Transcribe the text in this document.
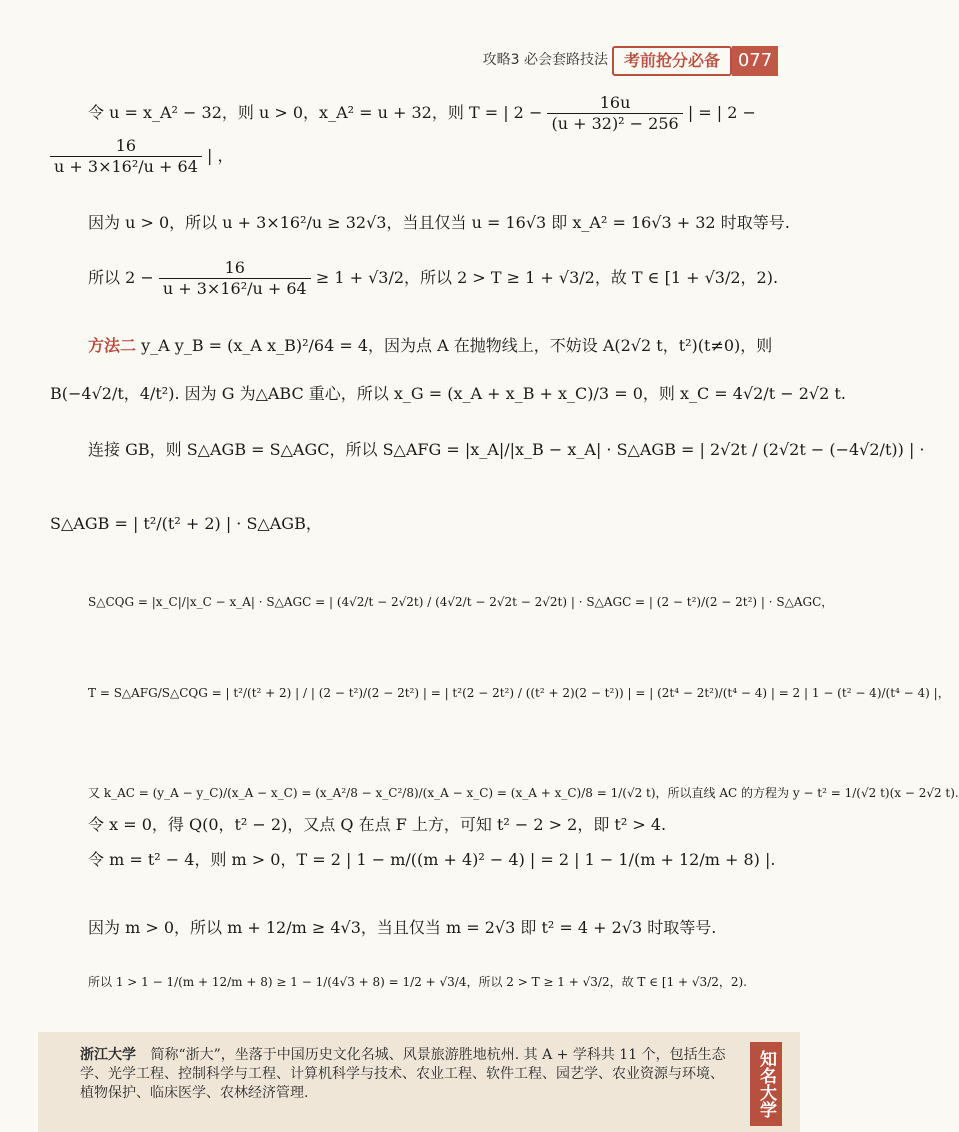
攻略3 必会套路技法 考前抢分必备 077
令 u = x_A² − 32，则 u > 0，x_A² = u + 32，则 T = | $2 - \frac{16u}{\text{(u + 32)² − 256}}$ | = | 2 −
$\frac{16}{\text{u + 3×16²/u + 64}}$ | ，
因为 u > 0，所以 u + 3×16²/u ≥ 32√3，当且仅当 u = 16√3 即 x_A² = 16√3 + 32 时取等号.
所以 $2 - \frac{16}{\text{u + 3×16²/u + 64}} \ge 1 + √3/2$，所以 2 > T ≥ 1 + √3/2，故 T ∈ [1 + √3/2，2).
方法二 y_A y_B = (x_A x_B)²/64 = 4，因为点 A 在抛物线上，不妨设 A(2√2 t，t²)(t≠0)，则
B(−4√2/t，4/t²). 因为 G 为△ABC 重心，所以 x_G = (x_A + x_B + x_C)/3 = 0，则 x_C = 4√2/t − 2√2 t.
连接 GB，则 S△AGB = S△AGC，所以 S△AFG = |x_A|/|x_B − x_A| · S△AGB = | 2√2t / (2√2t − (−4√2/t)) | ·
S△AGB = | t²/(t² + 2) | · S△AGB，
S△CQG = |x_C|/|x_C − x_A| · S△AGC = | (4√2/t − 2√2t) / (4√2/t − 2√2t − 2√2t) | · S△AGC = | (2 − t²)/(2 − 2t²) | · S△AGC，
T = S△AFG/S△CQG = | t²/(t² + 2) | / | (2 − t²)/(2 − 2t²) | = | t²(2 − 2t²) / ((t² + 2)(2 − t²)) | = | (2t⁴ − 2t²)/(t⁴ − 4) | = 2 | 1 − (t² − 4)/(t⁴ − 4) |，
又 k_AC = (y_A − y_C)/(x_A − x_C) = (x_A²/8 − x_C²/8)/(x_A − x_C) = (x_A + x_C)/8 = 1/(√2 t)，所以直线 AC 的方程为 y − t² = 1/(√2 t)(x − 2√2 t).
令 x = 0，得 Q(0，t² − 2)，又点 Q 在点 F 上方，可知 t² − 2 > 2，即 t² > 4.
令 m = t² − 4，则 m > 0，T = 2 | 1 − m/((m + 4)² − 4) | = 2 | 1 − 1/(m + 12/m + 8) |.
因为 m > 0，所以 m + 12/m ≥ 4√3，当且仅当 m = 2√3 即 t² = 4 + 2√3 时取等号.
所以 1 > 1 − 1/(m + 12/m + 8) ≥ 1 − 1/(4√3 + 8) = 1/2 + √3/4，所以 2 > T ≥ 1 + √3/2，故 T ∈ [1 + √3/2，2).
浙江大学 简称“浙大”，坐落于中国历史文化名城、风景旅游胜地杭州. 其 A + 学科共 11 个，包括生态学、光学工程、控制科学与工程、计算机科学与技术、农业工程、软件工程、园艺学、农业资源与环境、植物保护、临床医学、农林经济管理.	知名大学
